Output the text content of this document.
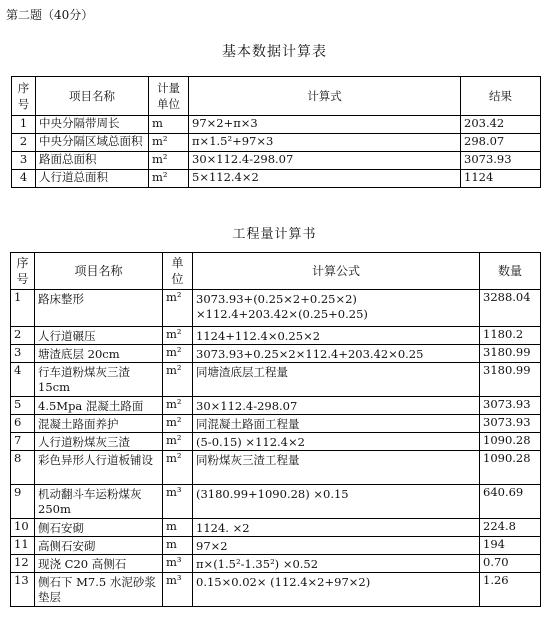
第二题（40分）
基本数据计算表
序号	项目名称	计量单位	计算式	结果
1	中央分隔带周长	m	97×2+π×3	203.42
2	中央分隔区域总面积	m²	π×1.5²+97×3	298.07
3	路面总面积	m²	30×112.4-298.07	3073.93
4	人行道总面积	m²	5×112.4×2	1124
工程量计算书
序号	项目名称	单位	计算公式	数量
1	路床整形	m²	3073.93+(0.25×2+0.25×2) ×112.4+203.42×(0.25+0.25)	3288.04
2	人行道碾压	m²	1124+112.4×0.25×2	1180.2
3	塘渣底层 20cm	m²	3073.93+0.25×2×112.4+203.42×0.25	3180.99
4	行车道粉煤灰三渣15cm	m²	同塘渣底层工程量	3180.99
5	4.5Mpa 混凝土路面	m²	30×112.4-298.07	3073.93
6	混凝土路面养护	m²	同混凝土路面工程量	3073.93
7	人行道粉煤灰三渣	m²	(5-0.15) ×112.4×2	1090.28
8	彩色异形人行道板铺设	m²	同粉煤灰三渣工程量	1090.28
9	机动翻斗车运粉煤灰250m	m³	(3180.99+1090.28) ×0.15	640.69
10	侧石安砌	m	1124. ×2	224.8
11	高侧石安砌	m	97×2	194
12	现浇 C20 高侧石	m³	π×(1.5²-1.35²) ×0.52	0.70
13	侧石下 M7.5 水泥砂浆垫层	m³	0.15×0.02× (112.4×2+97×2)	1.26
